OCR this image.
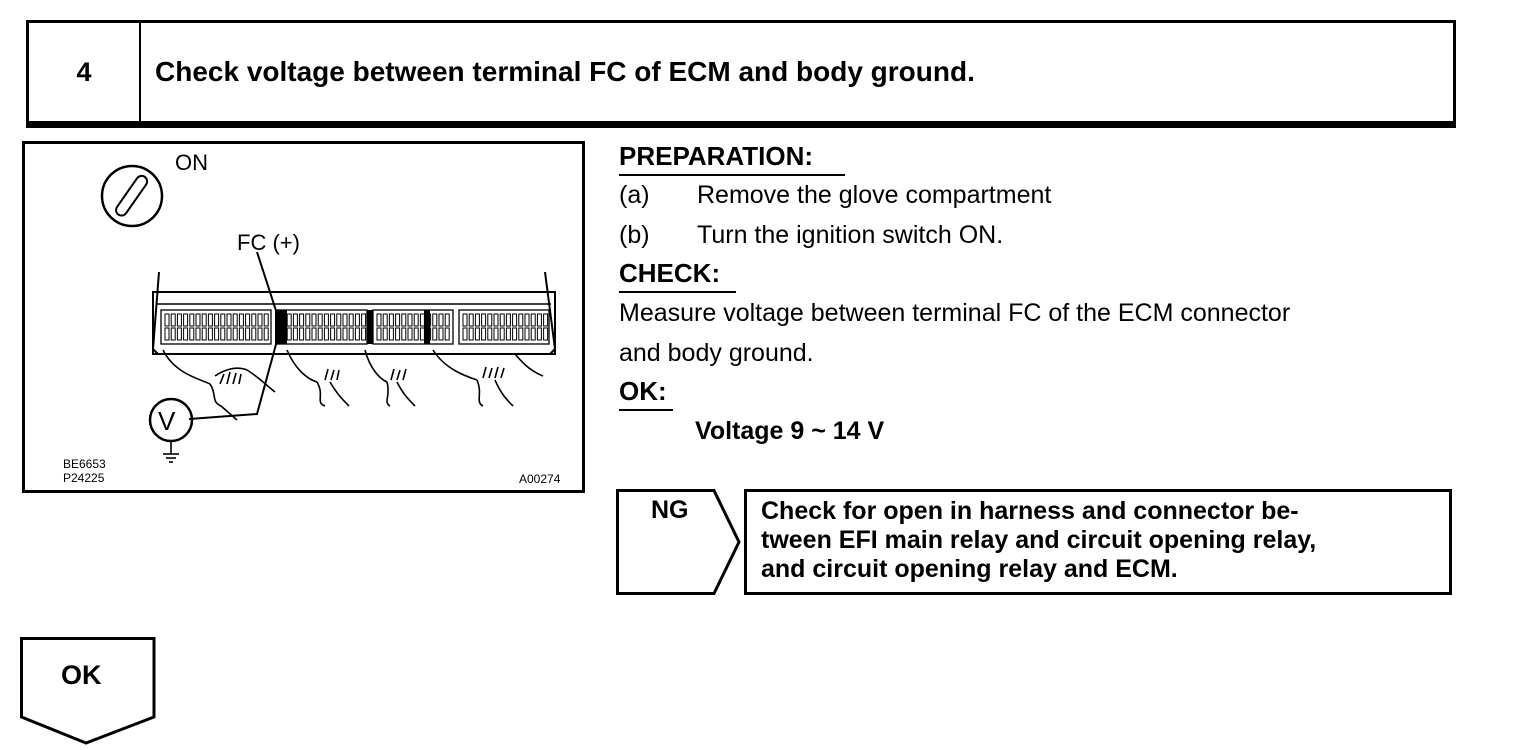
4	Check voltage between terminal FC of ECM and body ground.
ON
FC (+)
V
BE6653
P24225	A00274
PREPARATION:
(a) Remove the glove compartment
(b) Turn the ignition switch ON.
CHECK:
Measure voltage between terminal FC of the ECM connector
and body ground.
OK:
Voltage 9 ~ 14 V
NG	Check for open in harness and connector be-
tween EFI main relay and circuit opening relay,
and circuit opening relay and ECM.
OK
